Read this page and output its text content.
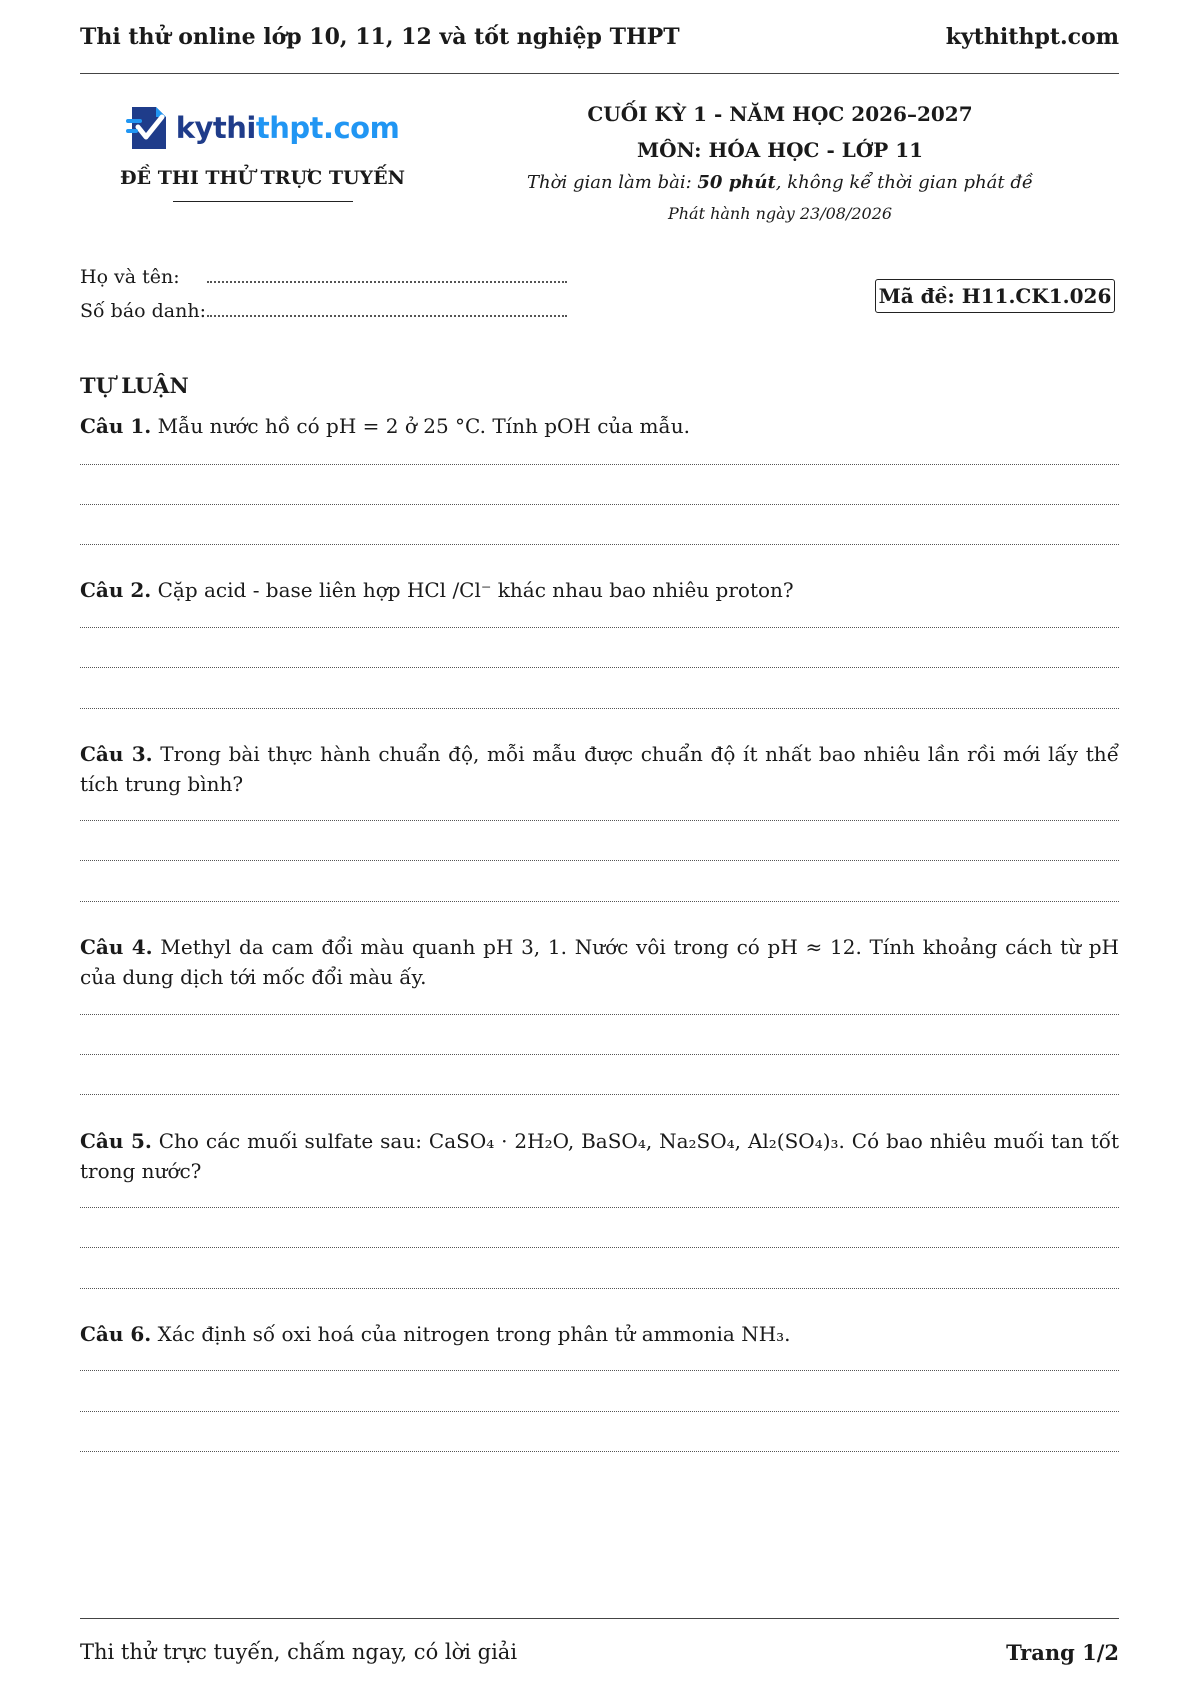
Thi thử online lớp 10, 11, 12 và tốt nghiệp THPT	kythithpt.com
kythithpt.com
ĐỀ THI THỬ TRỰC TUYẾN
CUỐI KỲ 1 - NĂM HỌC 2026–2027
MÔN: HÓA HỌC - LỚP 11
Thời gian làm bài: 50 phút, không kể thời gian phát đề
Phát hành ngày 23/08/2026
Họ và tên:
Số báo danh:
Mã đề: H11.CK1.026
TỰ LUẬN
Câu 1. Mẫu nước hồ có pH = 2 ở 25 °C. Tính pOH của mẫu.
Câu 2. Cặp acid - base liên hợp HCl /Cl⁻ khác nhau bao nhiêu proton?
Câu 3. Trong bài thực hành chuẩn độ, mỗi mẫu được chuẩn độ ít nhất bao nhiêu lần rồi mới lấy thể tích trung bình?
Câu 4. Methyl da cam đổi màu quanh pH 3, 1. Nước vôi trong có pH ≈ 12. Tính khoảng cách từ pH của dung dịch tới mốc đổi màu ấy.
Câu 5. Cho các muối sulfate sau: CaSO₄ · 2H₂O, BaSO₄, Na₂SO₄, Al₂(SO₄)₃. Có bao nhiêu muối tan tốt trong nước?
Câu 6. Xác định số oxi hoá của nitrogen trong phân tử ammonia NH₃.
Thi thử trực tuyến, chấm ngay, có lời giải	Trang 1/2
